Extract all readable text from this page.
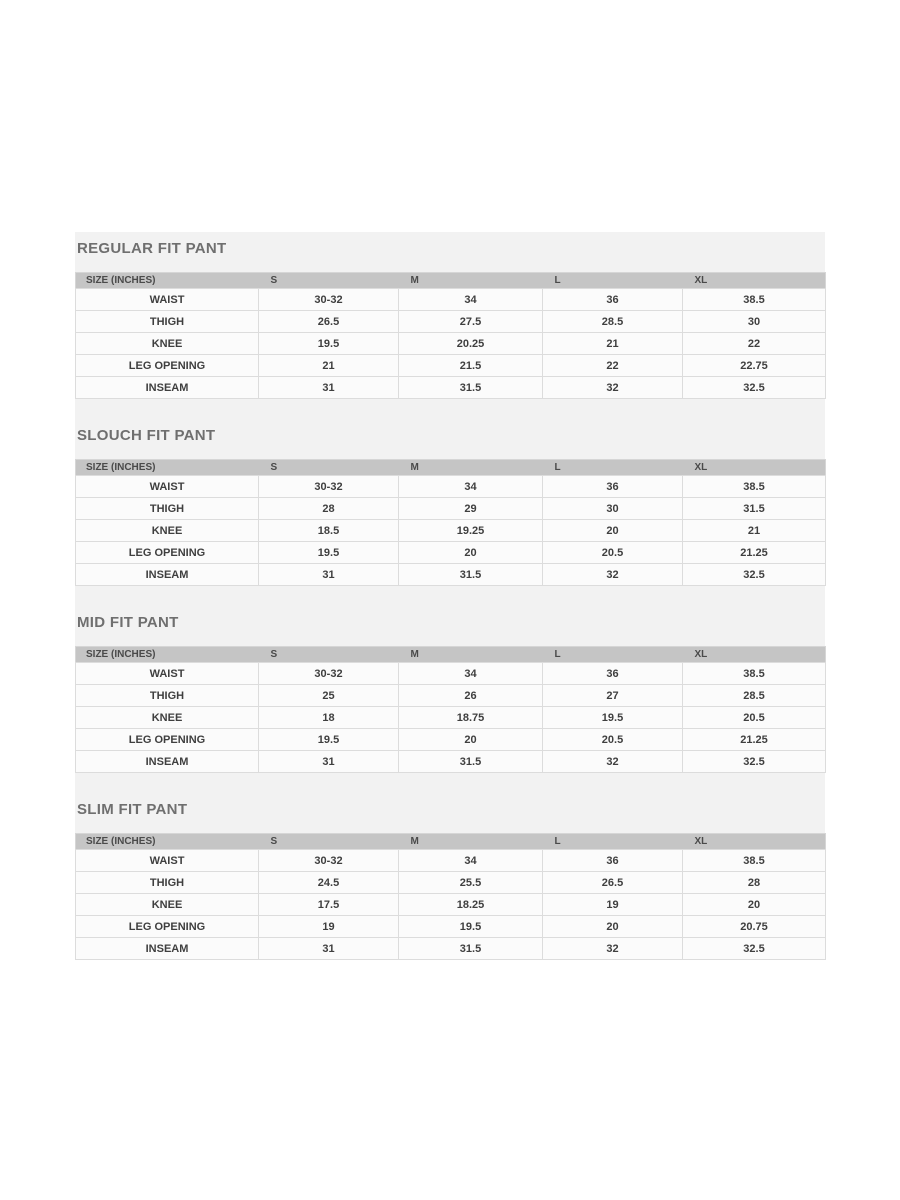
REGULAR FIT PANT
SIZE (INCHES)	S	M	L	XL
WAIST	30-32	34	36	38.5
THIGH	26.5	27.5	28.5	30
KNEE	19.5	20.25	21	22
LEG OPENING	21	21.5	22	22.75
INSEAM	31	31.5	32	32.5
SLOUCH FIT PANT
SIZE (INCHES)	S	M	L	XL
WAIST	30-32	34	36	38.5
THIGH	28	29	30	31.5
KNEE	18.5	19.25	20	21
LEG OPENING	19.5	20	20.5	21.25
INSEAM	31	31.5	32	32.5
MID FIT PANT
SIZE (INCHES)	S	M	L	XL
WAIST	30-32	34	36	38.5
THIGH	25	26	27	28.5
KNEE	18	18.75	19.5	20.5
LEG OPENING	19.5	20	20.5	21.25
INSEAM	31	31.5	32	32.5
SLIM FIT PANT
SIZE (INCHES)	S	M	L	XL
WAIST	30-32	34	36	38.5
THIGH	24.5	25.5	26.5	28
KNEE	17.5	18.25	19	20
LEG OPENING	19	19.5	20	20.75
INSEAM	31	31.5	32	32.5
